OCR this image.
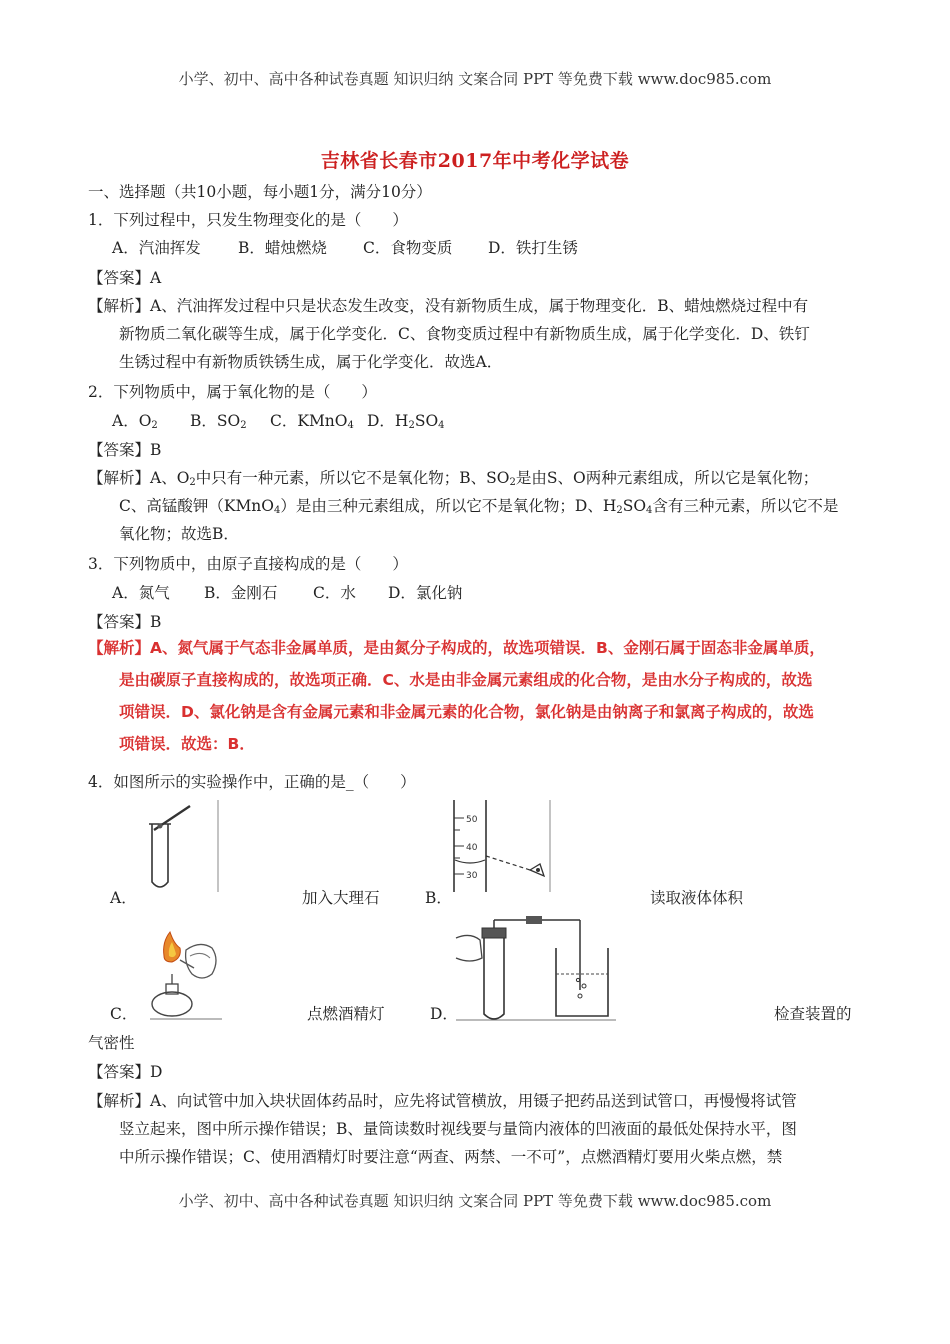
小学、初中、高中各种试卷真题 知识归纳 文案合同 PPT 等免费下载 www.doc985.com
吉林省长春市2017年中考化学试卷
一、选择题（共10小题，每小题1分，满分10分）
1．下列过程中，只发生物理变化的是（　　）
A．汽油挥发 B．蜡烛燃烧 C．食物变质 D．铁打生锈
【答案】A
【解析】A、汽油挥发过程中只是状态发生改变，没有新物质生成，属于物理变化．B、蜡烛燃烧过程中有
新物质二氧化碳等生成，属于化学变化．C、食物变质过程中有新物质生成，属于化学变化．D、铁钉
生锈过程中有新物质铁锈生成，属于化学变化．故选A．
2．下列物质中，属于氧化物的是（　　）
A．$O_2$ B．$SO_2$ C．KMnO$_4$ D．$H_2SO_4$
【答案】B
【解析】A、$O_2$中只有一种元素，所以它不是氧化物；B、$SO_2$是由S、O两种元素组成，所以它是氧化物；
C、高锰酸钾（KMnO$_4$）是由三种元素组成，所以它不是氧化物；D、$H_2SO_4$含有三种元素，所以它不是
氧化物；故选B．
3．下列物质中，由原子直接构成的是（　　）
A．氮气 B．金刚石 C．水 D．氯化钠
【答案】B
【解析】A、氮气属于气态非金属单质，是由氮分子构成的，故选项错误．B、金刚石属于固态非金属单质，
是由碳原子直接构成的，故选项正确．C、水是由非金属元素组成的化合物，是由水分子构成的，故选
项错误．D、氯化钠是含有金属元素和非金属元素的化合物，氯化钠是由钠离子和氯离子构成的，故选
项错误．故选：B．
4．如图所示的实验操作中，正确的是_（　　）
A．	加入大理石
50
40
30
B．	读取液体体积
C．	点燃酒精灯	D．	检查装置的
气密性
【答案】D
【解析】A、向试管中加入块状固体药品时，应先将试管横放，用镊子把药品送到试管口，再慢慢将试管
竖立起来，图中所示操作错误；B、量筒读数时视线要与量筒内液体的凹液面的最低处保持水平，图
中所示操作错误；C、使用酒精灯时要注意“两查、两禁、一不可”，点燃酒精灯要用火柴点燃，禁
小学、初中、高中各种试卷真题 知识归纳 文案合同 PPT 等免费下载 www.doc985.com
